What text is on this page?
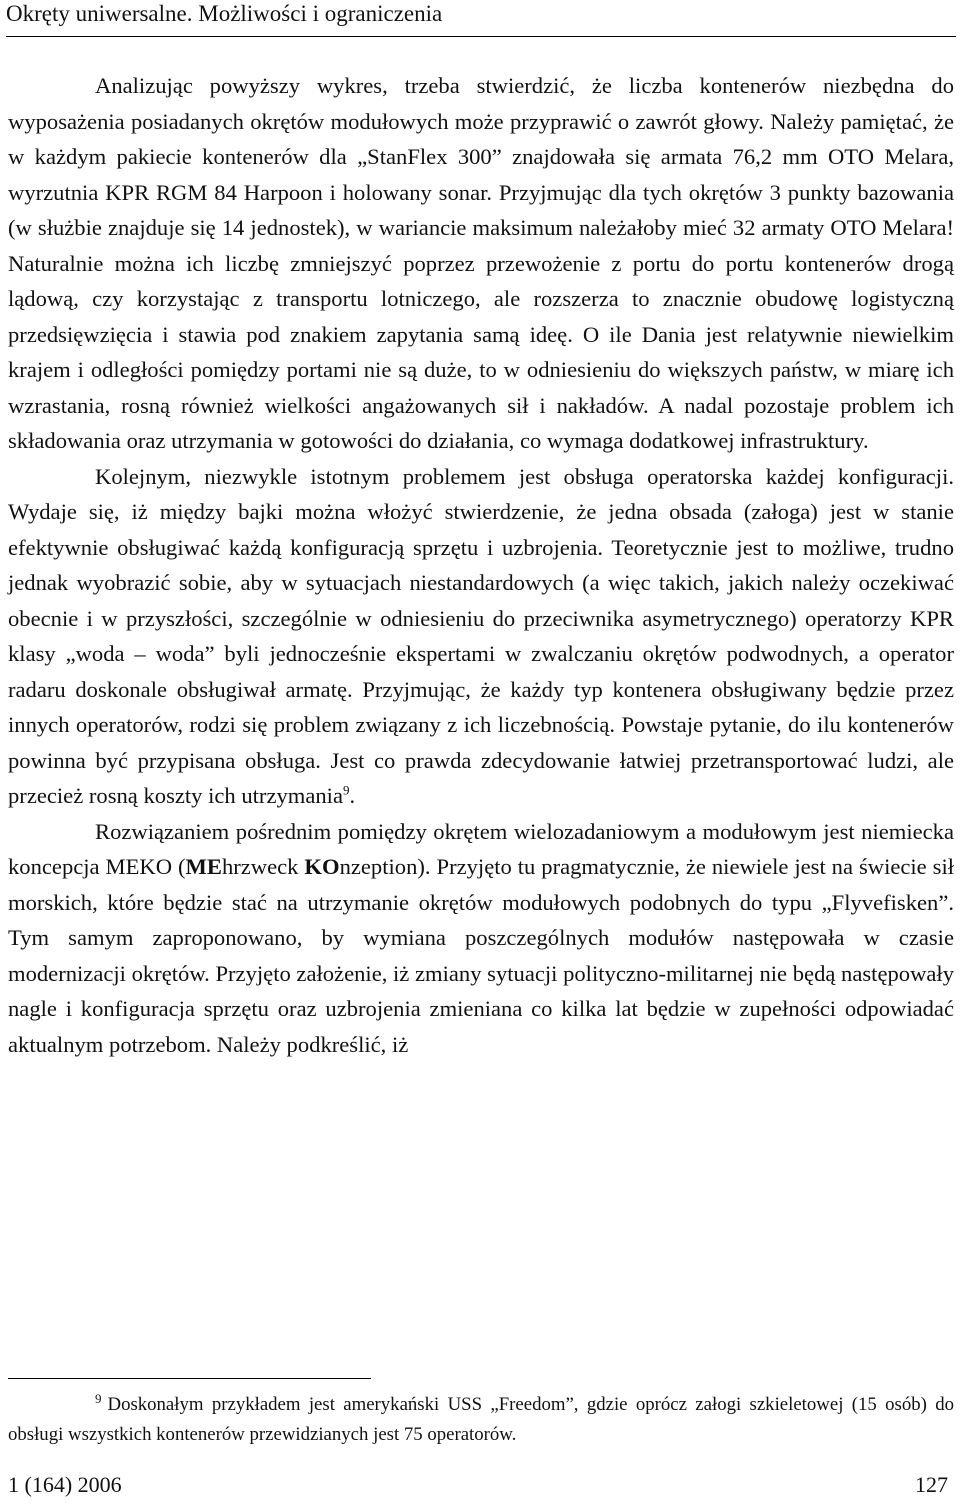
Okręty uniwersalne. Możliwości i ograniczenia

Analizując powyższy wykres, trzeba stwierdzić, że liczba kontenerów niezbędna do wyposażenia posiadanych okrętów modułowych może przyprawić o zawrót głowy. Należy pamiętać, że w każdym pakiecie kontenerów dla „StanFlex 300” znajdowała się armata 76,2 mm OTO Melara, wyrzutnia KPR RGM 84 Harpoon i holowany sonar. Przyjmując dla tych okrętów 3 punkty bazowania (w służbie znajduje się 14 jednostek), w wariancie maksimum należałoby mieć 32 armaty OTO Melara! Naturalnie można ich liczbę zmniejszyć poprzez przewożenie z portu do portu kontenerów drogą lądową, czy korzystając z transportu lotniczego, ale rozszerza to znacznie obudowę logistyczną przedsięwzięcia i stawia pod znakiem zapytania samą ideę. O ile Dania jest relatywnie niewielkim krajem i odległości pomiędzy portami nie są duże, to w odniesieniu do większych państw, w miarę ich wzrastania, rosną również wielkości angażowanych sił i nakładów. A nadal pozostaje problem ich składowania oraz utrzymania w gotowości do działania, co wymaga dodatkowej infrastruktury.

Kolejnym, niezwykle istotnym problemem jest obsługa operatorska każdej konfiguracji. Wydaje się, iż między bajki można włożyć stwierdzenie, że jedna obsada (załoga) jest w stanie efektywnie obsługiwać każdą konfiguracją sprzętu i uzbrojenia. Teoretycznie jest to możliwe, trudno jednak wyobrazić sobie, aby w sytuacjach niestandardowych (a więc takich, jakich należy oczekiwać obecnie i w przyszłości, szczególnie w odniesieniu do przeciwnika asymetrycznego) operatorzy KPR klasy „woda – woda” byli jednocześnie ekspertami w zwalczaniu okrętów podwodnych, a operator radaru doskonale obsługiwał armatę. Przyjmując, że każdy typ kontenera obsługiwany będzie przez innych operatorów, rodzi się problem związany z ich liczebnością. Powstaje pytanie, do ilu kontenerów powinna być przypisana obsługa. Jest co prawda zdecydowanie łatwiej przetransportować ludzi, ale przecież rosną koszty ich utrzymania$^9$.

Rozwiązaniem pośrednim pomiędzy okrętem wielozadaniowym a modułowym jest niemiecka koncepcja MEKO (MEhrzweck KOnzeption). Przyjęto tu pragmatycznie, że niewiele jest na świecie sił morskich, które będzie stać na utrzymanie okrętów modułowych podobnych do typu „Flyvefisken”. Tym samym zaproponowano, by wymiana poszczególnych modułów następowała w czasie modernizacji okrętów. Przyjęto założenie, iż zmiany sytuacji polityczno-militarnej nie będą następowały nagle i konfiguracja sprzętu oraz uzbrojenia zmieniana co kilka lat będzie w zupełności odpowiadać aktualnym potrzebom. Należy podkreślić, iż

$^9$ Doskonałym przykładem jest amerykański USS „Freedom”, gdzie oprócz załogi szkieletowej (15 osób) do obsługi wszystkich kontenerów przewidzianych jest 75 operatorów.
1 (164) 2006	127
